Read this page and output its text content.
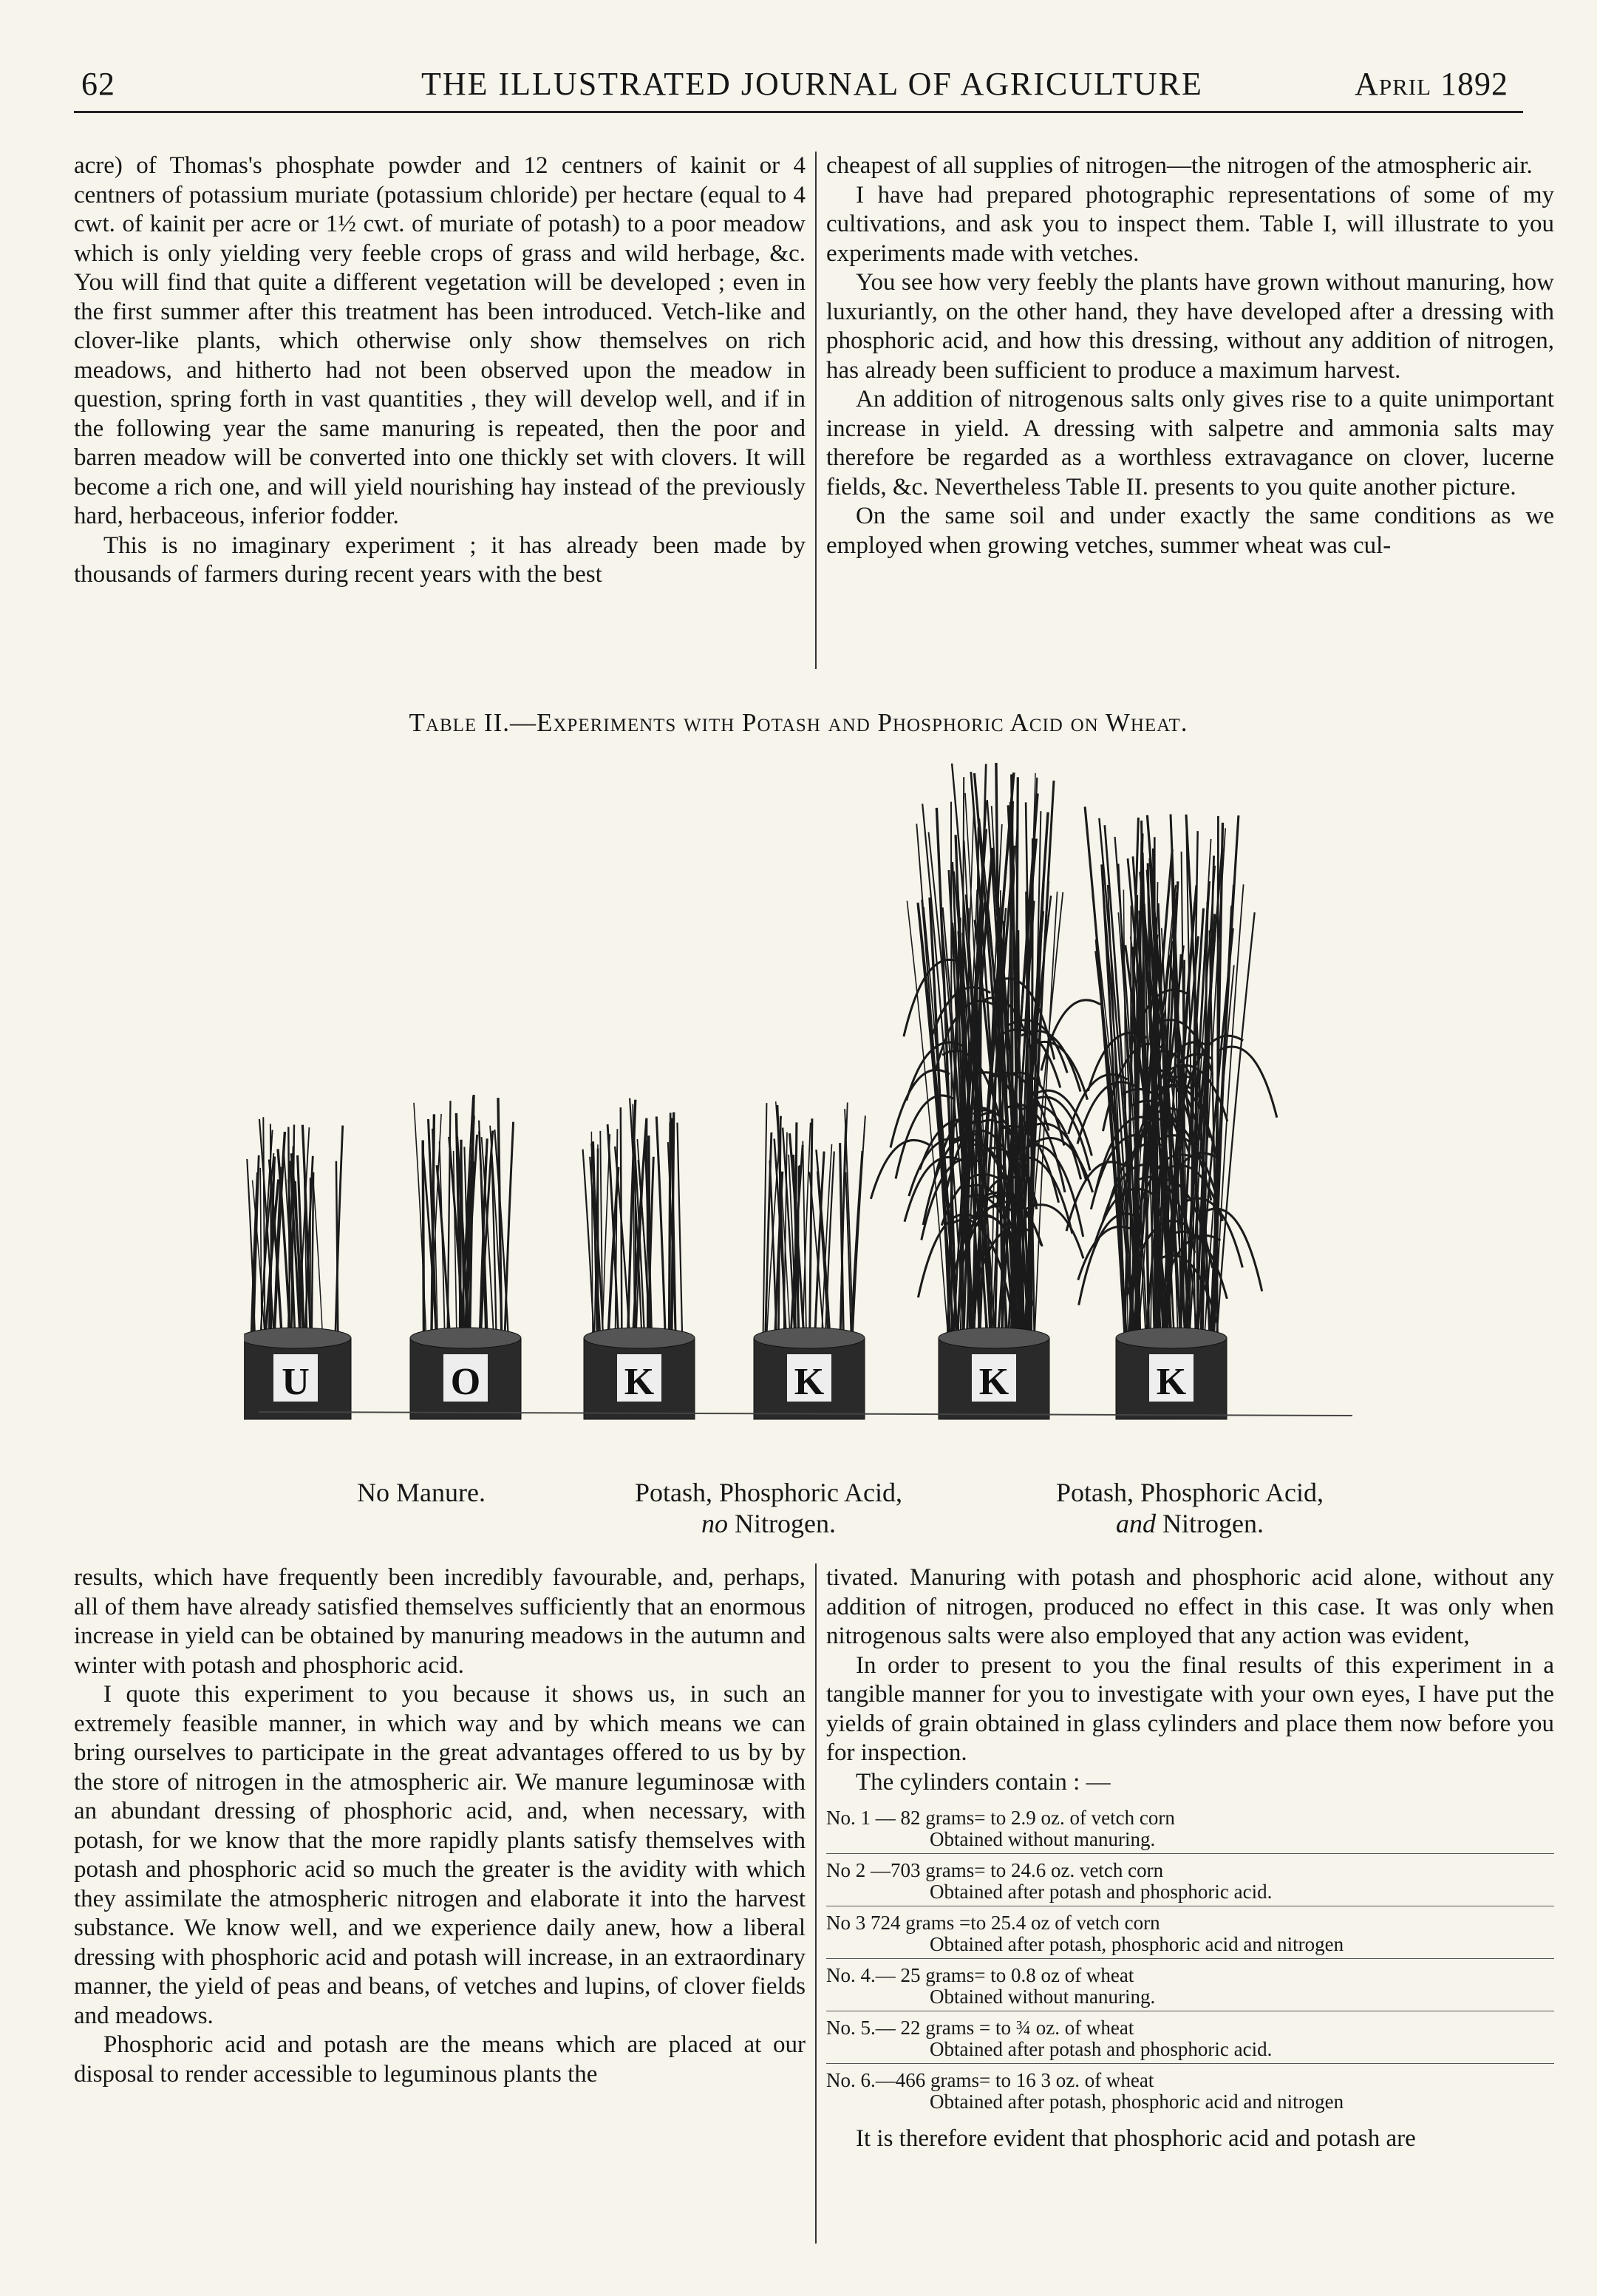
62	THE ILLUSTRATED JOURNAL OF AGRICULTURE	April 1892

acre) of Thomas's phosphate powder and 12 centners of kainit or 4 centners of potassium muriate (potassium chloride) per hectare (equal to 4 cwt. of kainit per acre or 1½ cwt. of muriate of potash) to a poor meadow which is only yielding very feeble crops of grass and wild herbage, &c. You will find that quite a different vegetation will be developed ; even in the first summer after this treatment has been introduced. Vetch-like and clover-like plants, which otherwise only show themselves on rich meadows, and hitherto had not been observed upon the meadow in question, spring forth in vast quantities , they will develop well, and if in the following year the same manuring is repeated, then the poor and barren meadow will be converted into one thickly set with clovers. It will become a rich one, and will yield nourishing hay instead of the previously hard, herbaceous, inferior fodder.

This is no imaginary experiment ; it has already been made by thousands of farmers during recent years with the best

cheapest of all supplies of nitrogen—the nitrogen of the atmospheric air.

I have had prepared photographic representations of some of my cultivations, and ask you to inspect them. Table I, will illustrate to you experiments made with vetches.

You see how very feebly the plants have grown without manuring, how luxuriantly, on the other hand, they have developed after a dressing with phosphoric acid, and how this dressing, without any addition of nitrogen, has already been sufficient to produce a maximum harvest.

An addition of nitrogenous salts only gives rise to a quite unimportant increase in yield. A dressing with salpetre and ammonia salts may therefore be regarded as a worthless extravagance on clover, lucerne fields, &c. Nevertheless Table II. presents to you quite another picture.

On the same soil and under exactly the same conditions as we employed when growing vetches, summer wheat was cul-

Table II.—Experiments with Potash and Phosphoric Acid on Wheat.
U	O	K	K	K	K
No Manure.	Potash, Phosphoric Acid,
no Nitrogen.
Potash, Phosphoric Acid,
and Nitrogen.

results, which have frequently been incredibly favourable, and, perhaps, all of them have already satisfied themselves sufficiently that an enormous increase in yield can be obtained by manuring meadows in the autumn and winter with potash and phosphoric acid.

I quote this experiment to you because it shows us, in such an extremely feasible manner, in which way and by which means we can bring ourselves to participate in the great advantages offered to us by by the store of nitrogen in the atmospheric air. We manure leguminosæ with an abundant dressing of phosphoric acid, and, when necessary, with potash, for we know that the more rapidly plants satisfy themselves with potash and phosphoric acid so much the greater is the avidity with which they assimilate the atmospheric nitrogen and elaborate it into the harvest substance. We know well, and we experience daily anew, how a liberal dressing with phosphoric acid and potash will increase, in an extraordinary manner, the yield of peas and beans, of vetches and lupins, of clover fields and meadows.

Phosphoric acid and potash are the means which are placed at our disposal to render accessible to leguminous plants the

tivated. Manuring with potash and phosphoric acid alone, without any addition of nitrogen, produced no effect in this case. It was only when nitrogenous salts were also employed that any action was evident,

In order to present to you the final results of this experiment in a tangible manner for you to investigate with your own eyes, I have put the yields of grain obtained in glass cylinders and place them now before you for inspection.

The cylinders contain : —

No. 1 — 82 grams= to 2.9 oz. of vetch corn
Obtained without manuring.
No 2 —703 grams= to 24.6 oz. vetch corn
Obtained after potash and phosphoric acid.
No 3 724 grams =to 25.4 oz of vetch corn
Obtained after potash, phosphoric acid and nitrogen
No. 4.— 25 grams= to 0.8 oz of wheat
Obtained without manuring.
No. 5.— 22 grams = to ¾ oz. of wheat
Obtained after potash and phosphoric acid.
No. 6.—466 grams= to 16 3 oz. of wheat
Obtained after potash, phosphoric acid and nitrogen

It is therefore evident that phosphoric acid and potash are
